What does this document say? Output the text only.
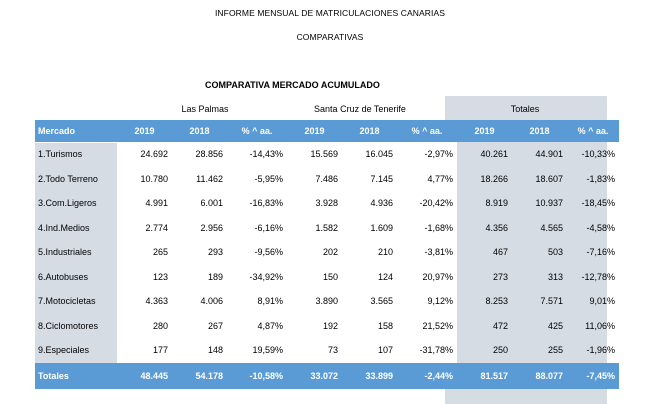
INFORME MENSUAL DE MATRICULACIONES CANARIAS
COMPARATIVAS
COMPARATIVA MERCADO ACUMULADO
Las Palmas	Santa Cruz de Tenerife	Totales
Mercado	2019	2018	% ^ aa.	2019	2018	% ^ aa.	2019	2018	% ^ aa.
1.Turismos	24.692	28.856	-14,43%	15.569	16.045	-2,97%	40.261	44.901	-10,33%
2.Todo Terreno	10.780	11.462	-5,95%	7.486	7.145	4,77%	18.266	18.607	-1,83%
3.Com.Ligeros	4.991	6.001	-16,83%	3.928	4.936	-20,42%	8.919	10.937	-18,45%
4.Ind.Medios	2.774	2.956	-6,16%	1.582	1.609	-1,68%	4.356	4.565	-4,58%
5.Industriales	265	293	-9,56%	202	210	-3,81%	467	503	-7,16%
6.Autobuses	123	189	-34,92%	150	124	20,97%	273	313	-12,78%
7.Motocicletas	4.363	4.006	8,91%	3.890	3.565	9,12%	8.253	7.571	9,01%
8.Ciclomotores	280	267	4,87%	192	158	21,52%	472	425	11,06%
9.Especiales	177	148	19,59%	73	107	-31,78%	250	255	-1,96%
Totales	48.445	54.178	-10,58%	33.072	33.899	-2,44%	81.517	88.077	-7,45%
